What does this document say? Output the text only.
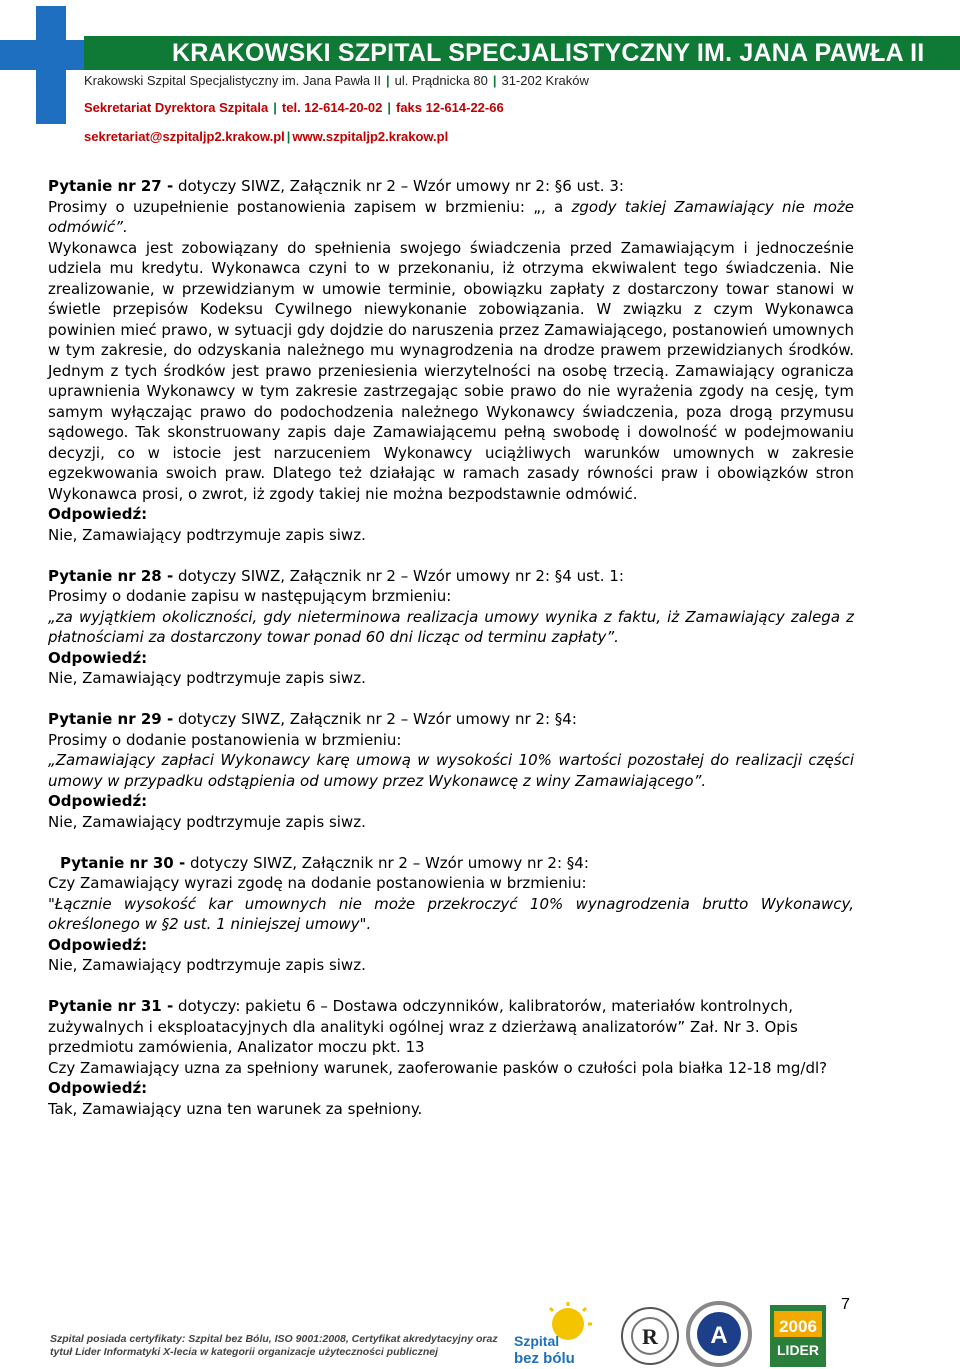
KRAKOWSKI SZPITAL SPECJALISTYCZNY IM. JANA PAWŁA II
Krakowski Szpital Specjalistyczny im. Jana Pawła II | ul. Prądnicka 80 | 31-202 Kraków
Sekretariat Dyrektora Szpitala | tel. 12-614-20-02 | faks 12-614-22-66
sekretariat@szpitaljp2.krakow.pl | www.szpitaljp2.krakow.pl

Pytanie nr 27 - dotyczy SIWZ, Załącznik nr 2 – Wzór umowy nr 2: §6 ust. 3:

Prosimy o uzupełnienie postanowienia zapisem w brzmieniu: „, a zgody takiej Zamawiający nie może odmówić”.

Wykonawca jest zobowiązany do spełnienia swojego świadczenia przed Zamawiającym i jednocześnie udziela mu kredytu. Wykonawca czyni to w przekonaniu, iż otrzyma ekwiwalent tego świadczenia. Nie zrealizowanie, w przewidzianym w umowie terminie, obowiązku zapłaty z dostarczony towar stanowi w świetle przepisów Kodeksu Cywilnego niewykonanie zobowiązania. W związku z czym Wykonawca powinien mieć prawo, w sytuacji gdy dojdzie do naruszenia przez Zamawiającego, postanowień umownych w tym zakresie, do odzyskania należnego mu wynagrodzenia na drodze prawem przewidzianych środków. Jednym z tych środków jest prawo przeniesienia wierzytelności na osobę trzecią. Zamawiający ogranicza uprawnienia Wykonawcy w tym zakresie zastrzegając sobie prawo do nie wyrażenia zgody na cesję, tym samym wyłączając prawo do podochodzenia należnego Wykonawcy świadczenia, poza drogą przymusu sądowego. Tak skonstruowany zapis daje Zamawiającemu pełną swobodę i dowolność w podejmowaniu decyzji, co w istocie jest narzuceniem Wykonawcy uciążliwych warunków umownych w zakresie egzekwowania swoich praw. Dlatego też działając w ramach zasady równości praw i obowiązków stron Wykonawca prosi, o zwrot, iż zgody takiej nie można bezpodstawnie odmówić.

Odpowiedź:

Nie, Zamawiający podtrzymuje zapis siwz.

Pytanie nr 28 - dotyczy SIWZ, Załącznik nr 2 – Wzór umowy nr 2: §4 ust. 1:

Prosimy o dodanie zapisu w następującym brzmieniu:

„za wyjątkiem okoliczności, gdy nieterminowa realizacja umowy wynika z faktu, iż Zamawiający zalega z płatnościami za dostarczony towar ponad 60 dni licząc od terminu zapłaty”.

Odpowiedź:

Nie, Zamawiający podtrzymuje zapis siwz.

Pytanie nr 29 - dotyczy SIWZ, Załącznik nr 2 – Wzór umowy nr 2: §4:

Prosimy o dodanie postanowienia w brzmieniu:

„Zamawiający zapłaci Wykonawcy karę umową w wysokości 10% wartości pozostałej do realizacji części umowy w przypadku odstąpienia od umowy przez Wykonawcę z winy Zamawiającego”.

Odpowiedź:

Nie, Zamawiający podtrzymuje zapis siwz.

Pytanie nr 30 - dotyczy SIWZ, Załącznik nr 2 – Wzór umowy nr 2: §4:

Czy Zamawiający wyrazi zgodę na dodanie postanowienia w brzmieniu:

"Łącznie wysokość kar umownych nie może przekroczyć 10% wynagrodzenia brutto Wykonawcy, określonego w §2 ust. 1 niniejszej umowy".

Odpowiedź:

Nie, Zamawiający podtrzymuje zapis siwz.

Pytanie nr 31 - dotyczy: pakietu 6 – Dostawa odczynników, kalibratorów, materiałów kontrolnych, zużywalnych i eksploatacyjnych dla analityki ogólnej wraz z dzierżawą analizatorów” Zał. Nr 3. Opis przedmiotu zamówienia, Analizator moczu pkt. 13

Czy Zamawiający uzna za spełniony warunek, zaoferowanie pasków o czułości pola białka 12-18 mg/dl?

Odpowiedź:

Tak, Zamawiający uzna ten warunek za spełniony.

7
Szpital posiada certyfikaty: Szpital bez Bólu, ISO 9001:2008, Certyfikat akredytacyjny oraz tytuł Lider Informatyki X-lecia w kategorii organizacje użyteczności publicznej
Szpital
bez bólu
R A	2006
LIDER
